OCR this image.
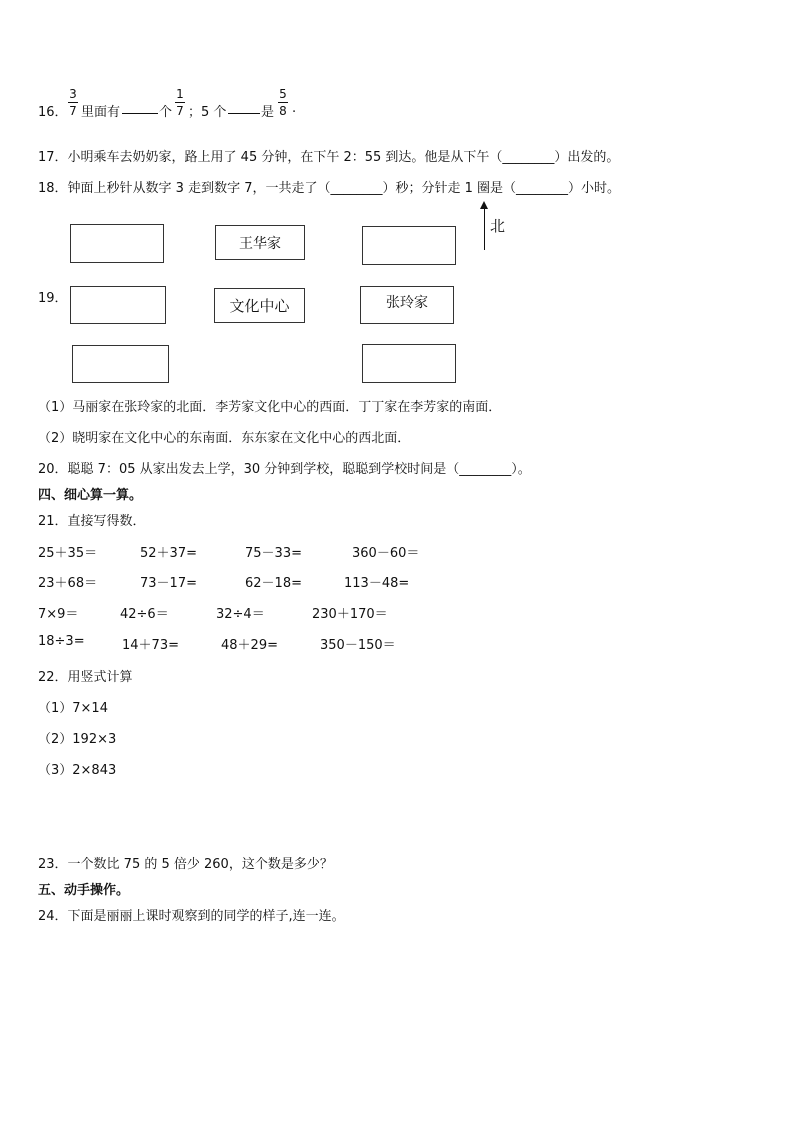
16．
3
7 里面有	个
1
7 ；5 个	是
5
8 .
17．小明乘车去奶奶家，路上用了 45 分钟，在下午 2：55 到达。他是从下午（________）出发的。
18．钟面上秒针从数字 3 走到数字 7，一共走了（________）秒；分针走 1 圈是（________）小时。
王华家
北
19．	文化中心	张玲家
（1）马丽家在张玲家的北面．李芳家文化中心的西面．丁丁家在李芳家的南面．
（2）晓明家在文化中心的东南面．东东家在文化中心的西北面．
20．聪聪 7：05 从家出发去上学，30 分钟到学校，聪聪到学校时间是（________）。
四、细心算一算。
21．直接写得数．
25＋35＝	52＋37=	75－33=	360－60＝
23＋68＝	73－17=	62－18=	113－48=
7×9＝	42÷6＝	32÷4＝	230＋170＝
18÷3=	14＋73=	48＋29=	350－150＝
22．用竖式计算
（1）7×14
（2）192×3
（3）2×843
23．一个数比 75 的 5 倍少 260，这个数是多少？
五、动手操作。
24．下面是丽丽上课时观察到的同学的样子,连一连。
